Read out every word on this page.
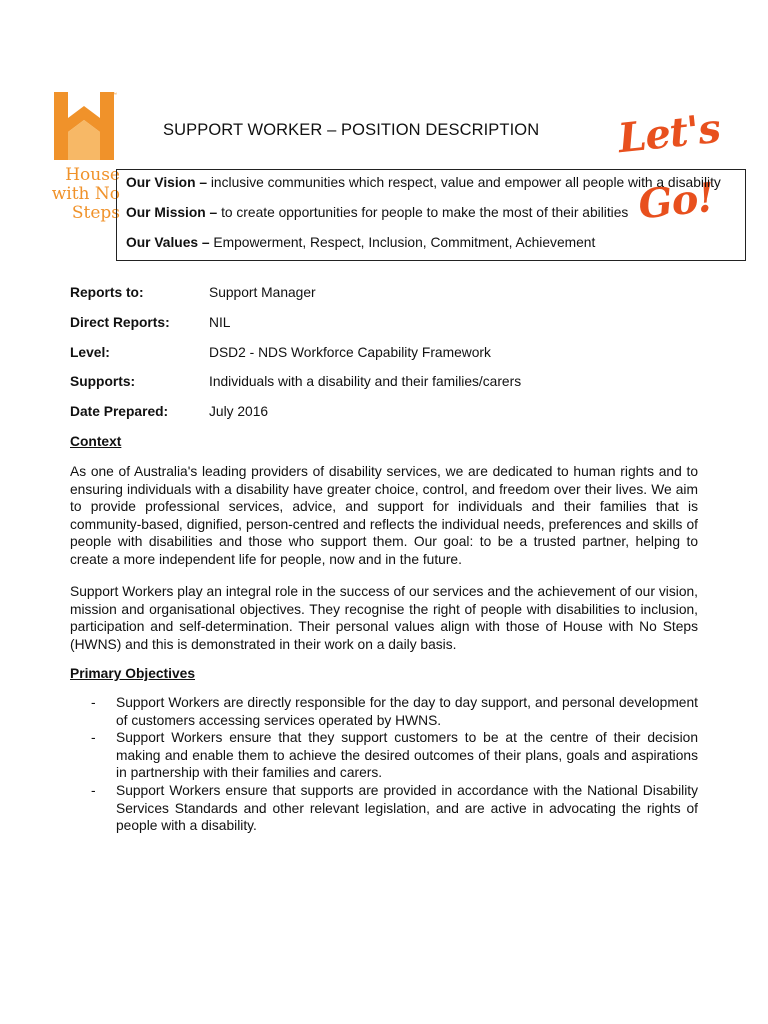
™
House
with No
Steps
SUPPORT WORKER – POSITION DESCRIPTION	Let's Go!
Our Vision – inclusive communities which respect, value and empower all people with a disability
Our Mission – to create opportunities for people to make the most of their abilities
Our Values – Empowerment, Respect, Inclusion, Commitment, Achievement
Reports to:	Support Manager
Direct Reports:	NIL
Level:	DSD2 - NDS Workforce Capability Framework
Supports:	Individuals with a disability and their families/carers
Date Prepared:	July 2016
Context

As one of Australia's leading providers of disability services, we are dedicated to human rights and to ensuring individuals with a disability have greater choice, control, and freedom over their lives. We aim to provide professional services, advice, and support for individuals and their families that is community-based, dignified, person-centred and reflects the individual needs, preferences and skills of people with disabilities and those who support them. Our goal: to be a trusted partner, helping to create a more independent life for people, now and in the future.

Support Workers play an integral role in the success of our services and the achievement of our vision, mission and organisational objectives. They recognise the right of people with disabilities to inclusion, participation and self-determination. Their personal values align with those of House with No Steps (HWNS) and this is demonstrated in their work on a daily basis.

Primary Objectives
- Support Workers are directly responsible for the day to day support, and personal development of customers accessing services operated by HWNS.
- Support Workers ensure that they support customers to be at the centre of their decision making and enable them to achieve the desired outcomes of their plans, goals and aspirations in partnership with their families and carers.
- Support Workers ensure that supports are provided in accordance with the National Disability Services Standards and other relevant legislation, and are active in advocating the rights of people with a disability.
